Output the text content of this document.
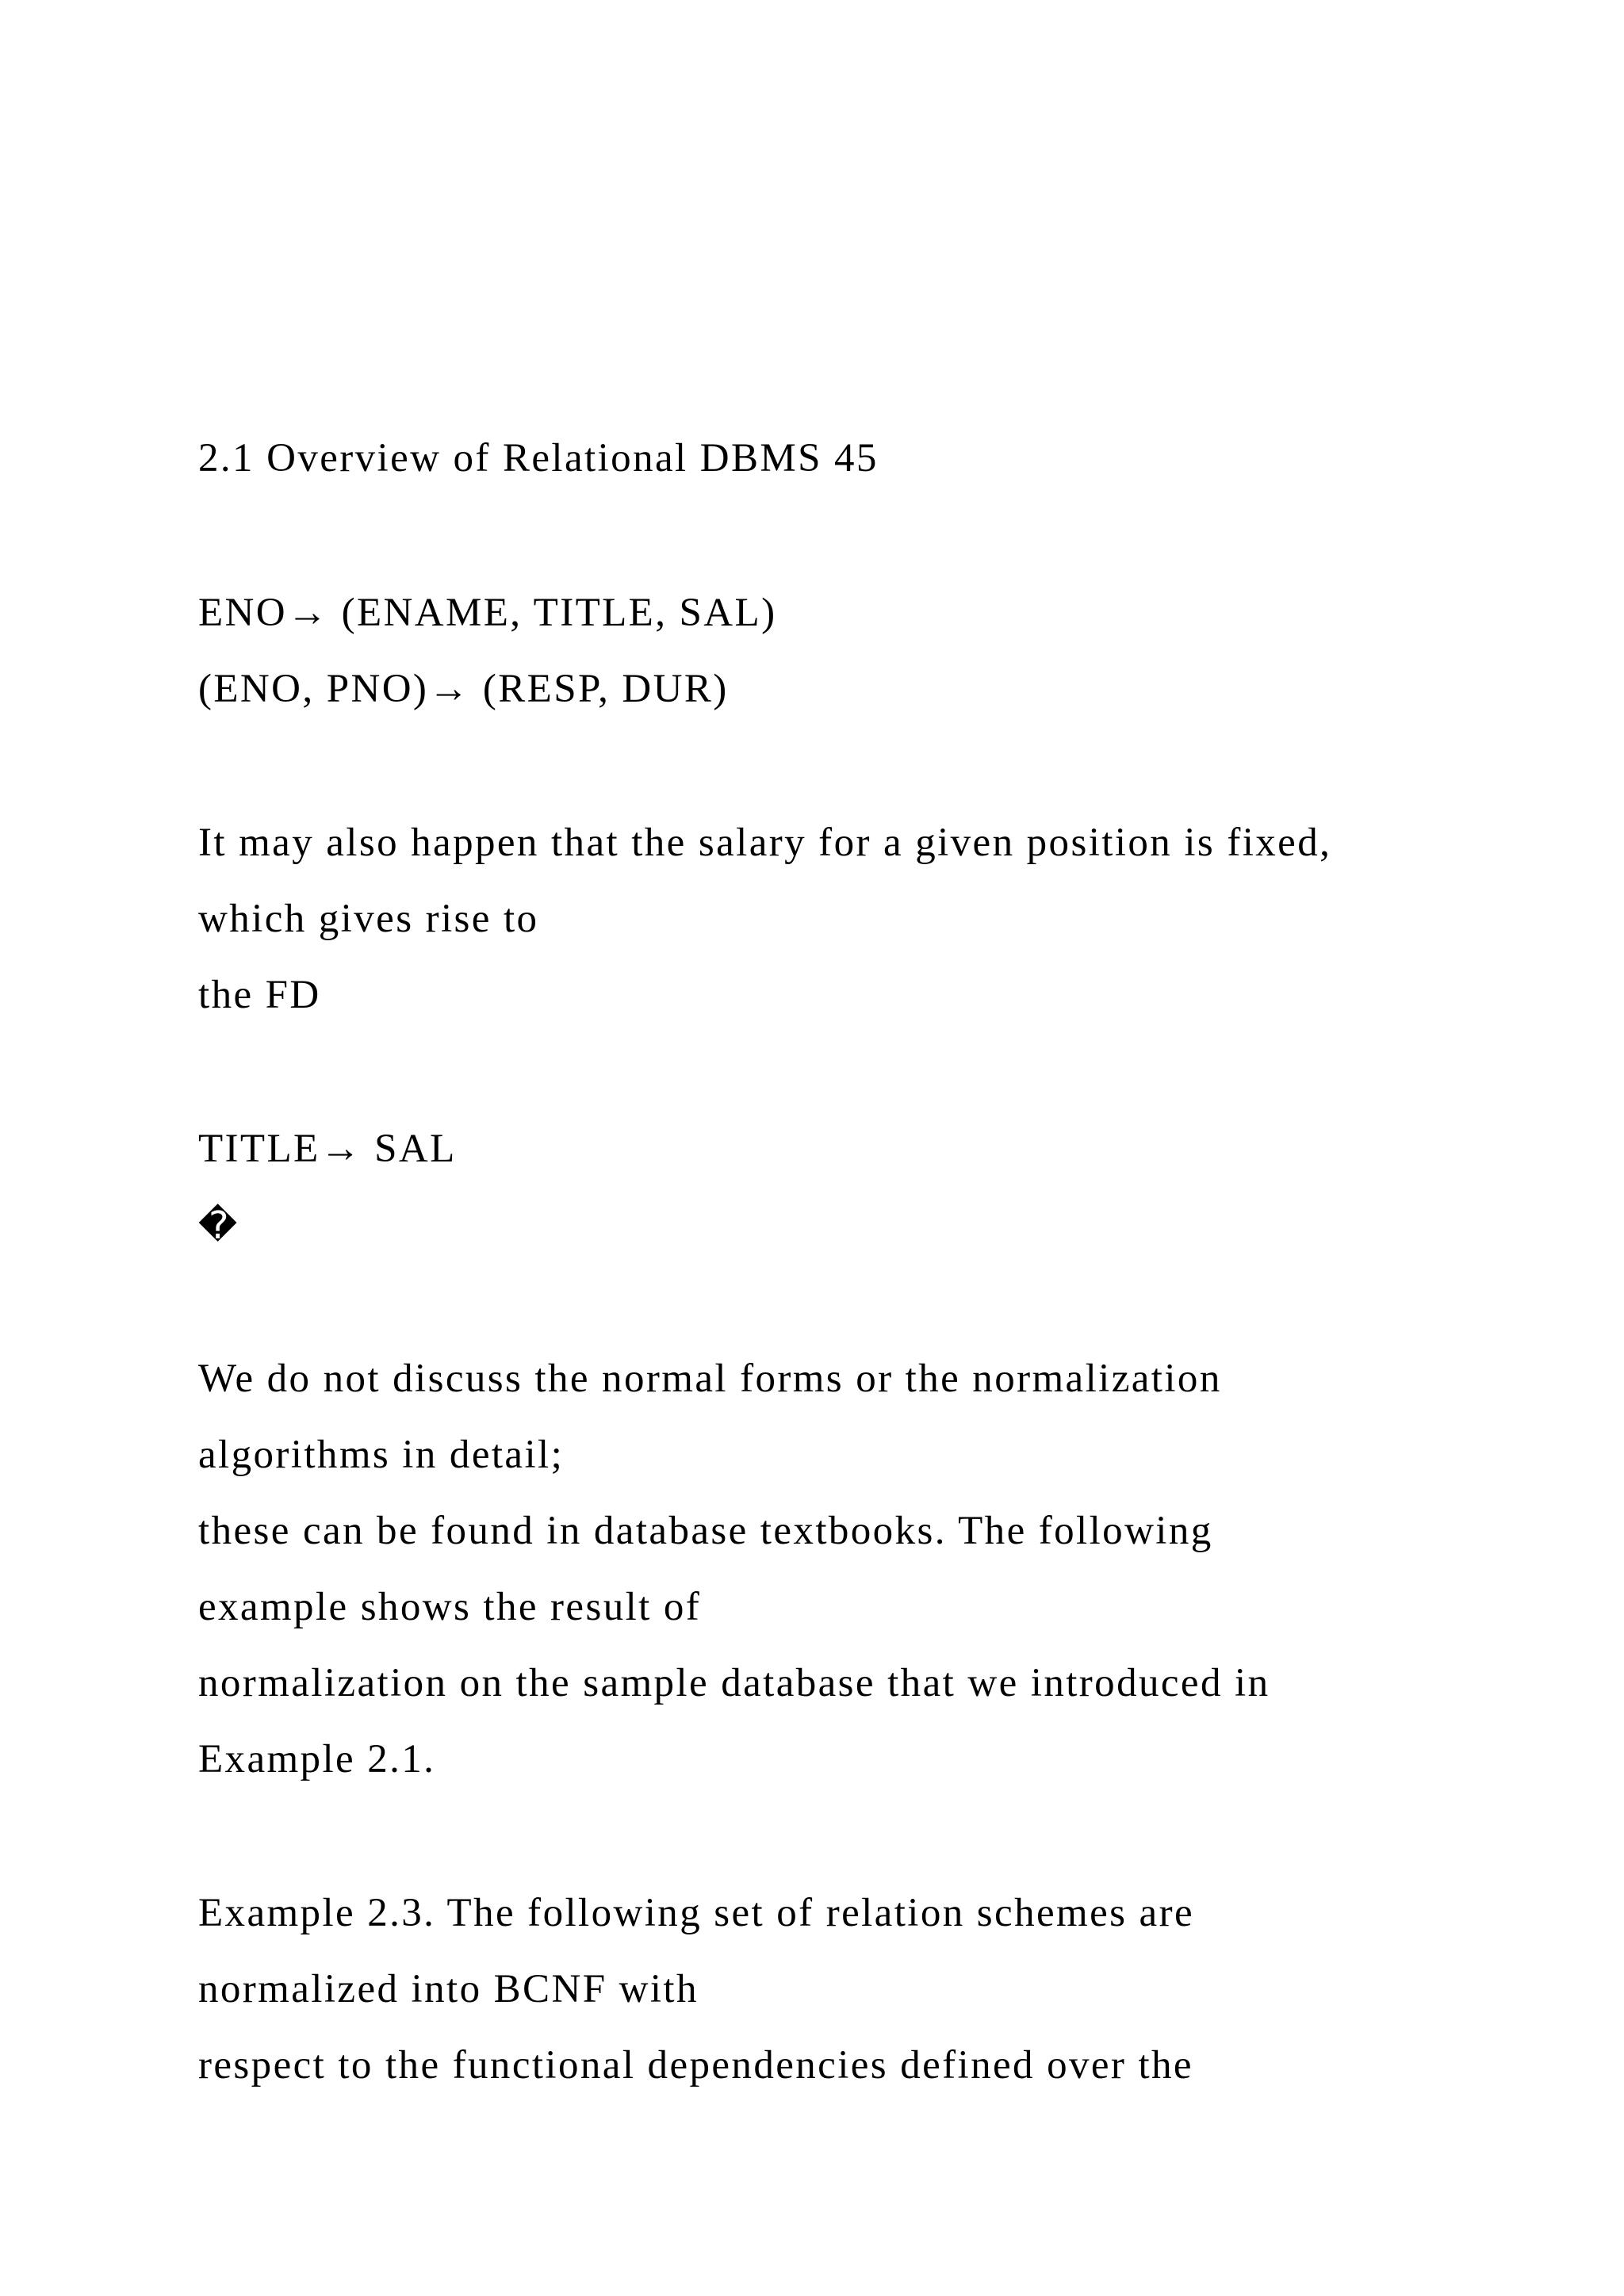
2.1 Overview of Relational DBMS 45
ENO→ (ENAME, TITLE, SAL)
(ENO, PNO)→ (RESP, DUR)
It may also happen that the salary for a given position is fixed,
which gives rise to
the FD
TITLE→ SAL
�
We do not discuss the normal forms or the normalization
algorithms in detail;
these can be found in database textbooks. The following
example shows the result of
normalization on the sample database that we introduced in
Example 2.1.
Example 2.3. The following set of relation schemes are
normalized into BCNF with
respect to the functional dependencies defined over the
